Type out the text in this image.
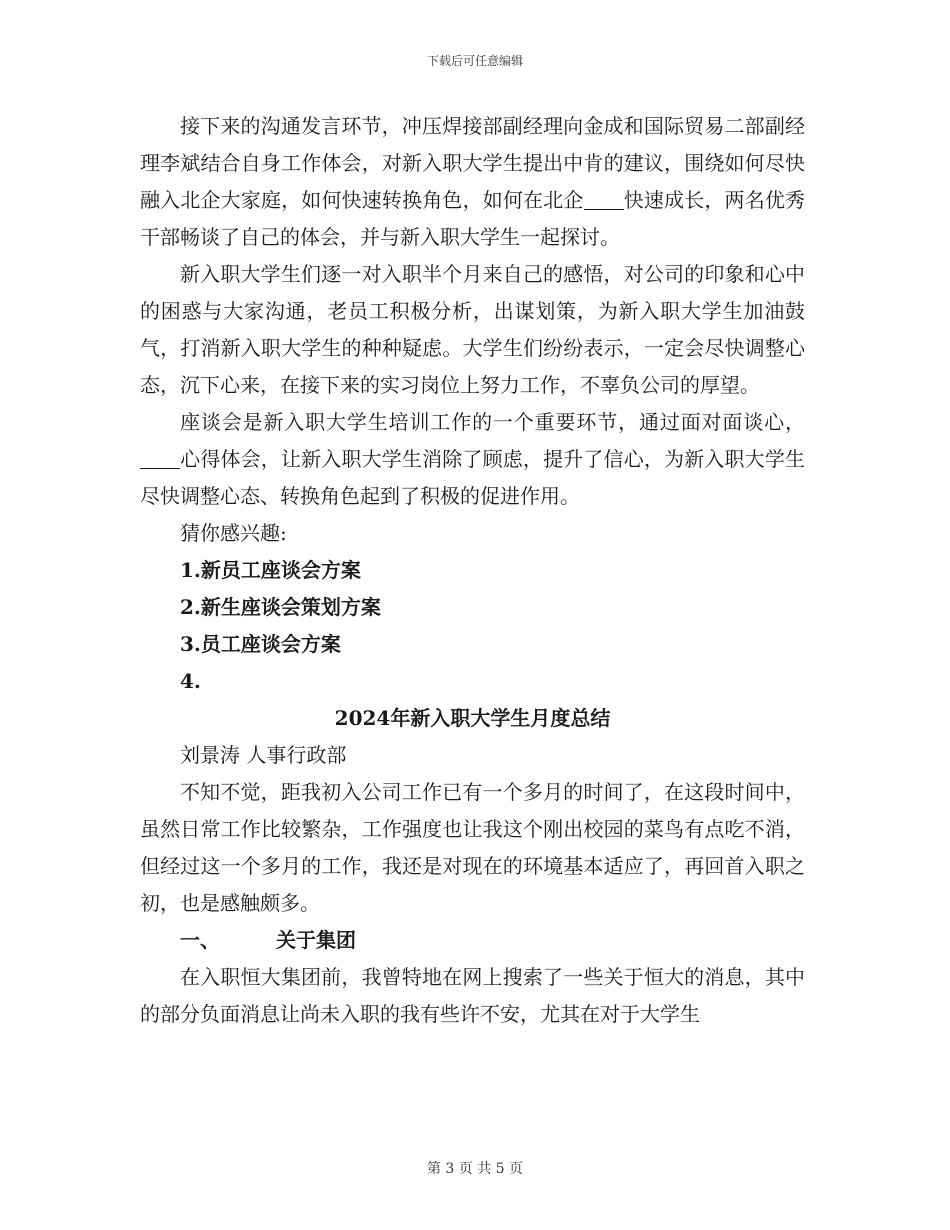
下载后可任意编辑

接下来的沟通发言环节，冲压焊接部副经理向金成和国际贸易二部副经理李斌结合自身工作体会，对新入职大学生提出中肯的建议，围绕如何尽快融入北企大家庭，如何快速转换角色，如何在北企 快速成长，两名优秀干部畅谈了自己的体会，并与新入职大学生一起探讨。

新入职大学生们逐一对入职半个月来自己的感悟，对公司的印象和心中的困惑与大家沟通，老员工积极分析，出谋划策，为新入职大学生加油鼓气，打消新入职大学生的种种疑虑。大学生们纷纷表示，一定会尽快调整心态，沉下心来，在接下来的实习岗位上努力工作，不辜负公司的厚望。

座谈会是新入职大学生培训工作的一个重要环节，通过面对面谈心，心得体会，让新入职大学生消除了顾虑，提升了信心，为新入职大学生尽快调整心态、转换角色起到了积极的促进作用。

猜你感兴趣:

1.新员工座谈会方案

2.新生座谈会策划方案

3.员工座谈会方案

4.

2024年新入职大学生月度总结

刘景涛 人事行政部

不知不觉，距我初入公司工作已有一个多月的时间了，在这段时间中，虽然日常工作比较繁杂，工作强度也让我这个刚出校园的菜鸟有点吃不消，但经过这一个多月的工作，我还是对现在的环境基本适应了，再回首入职之初，也是感触颇多。

一、	关于集团

在入职恒大集团前，我曾特地在网上搜索了一些关于恒大的消息，其中的部分负面消息让尚未入职的我有些许不安，尤其在对于大学生

第 3 页 共 5 页
